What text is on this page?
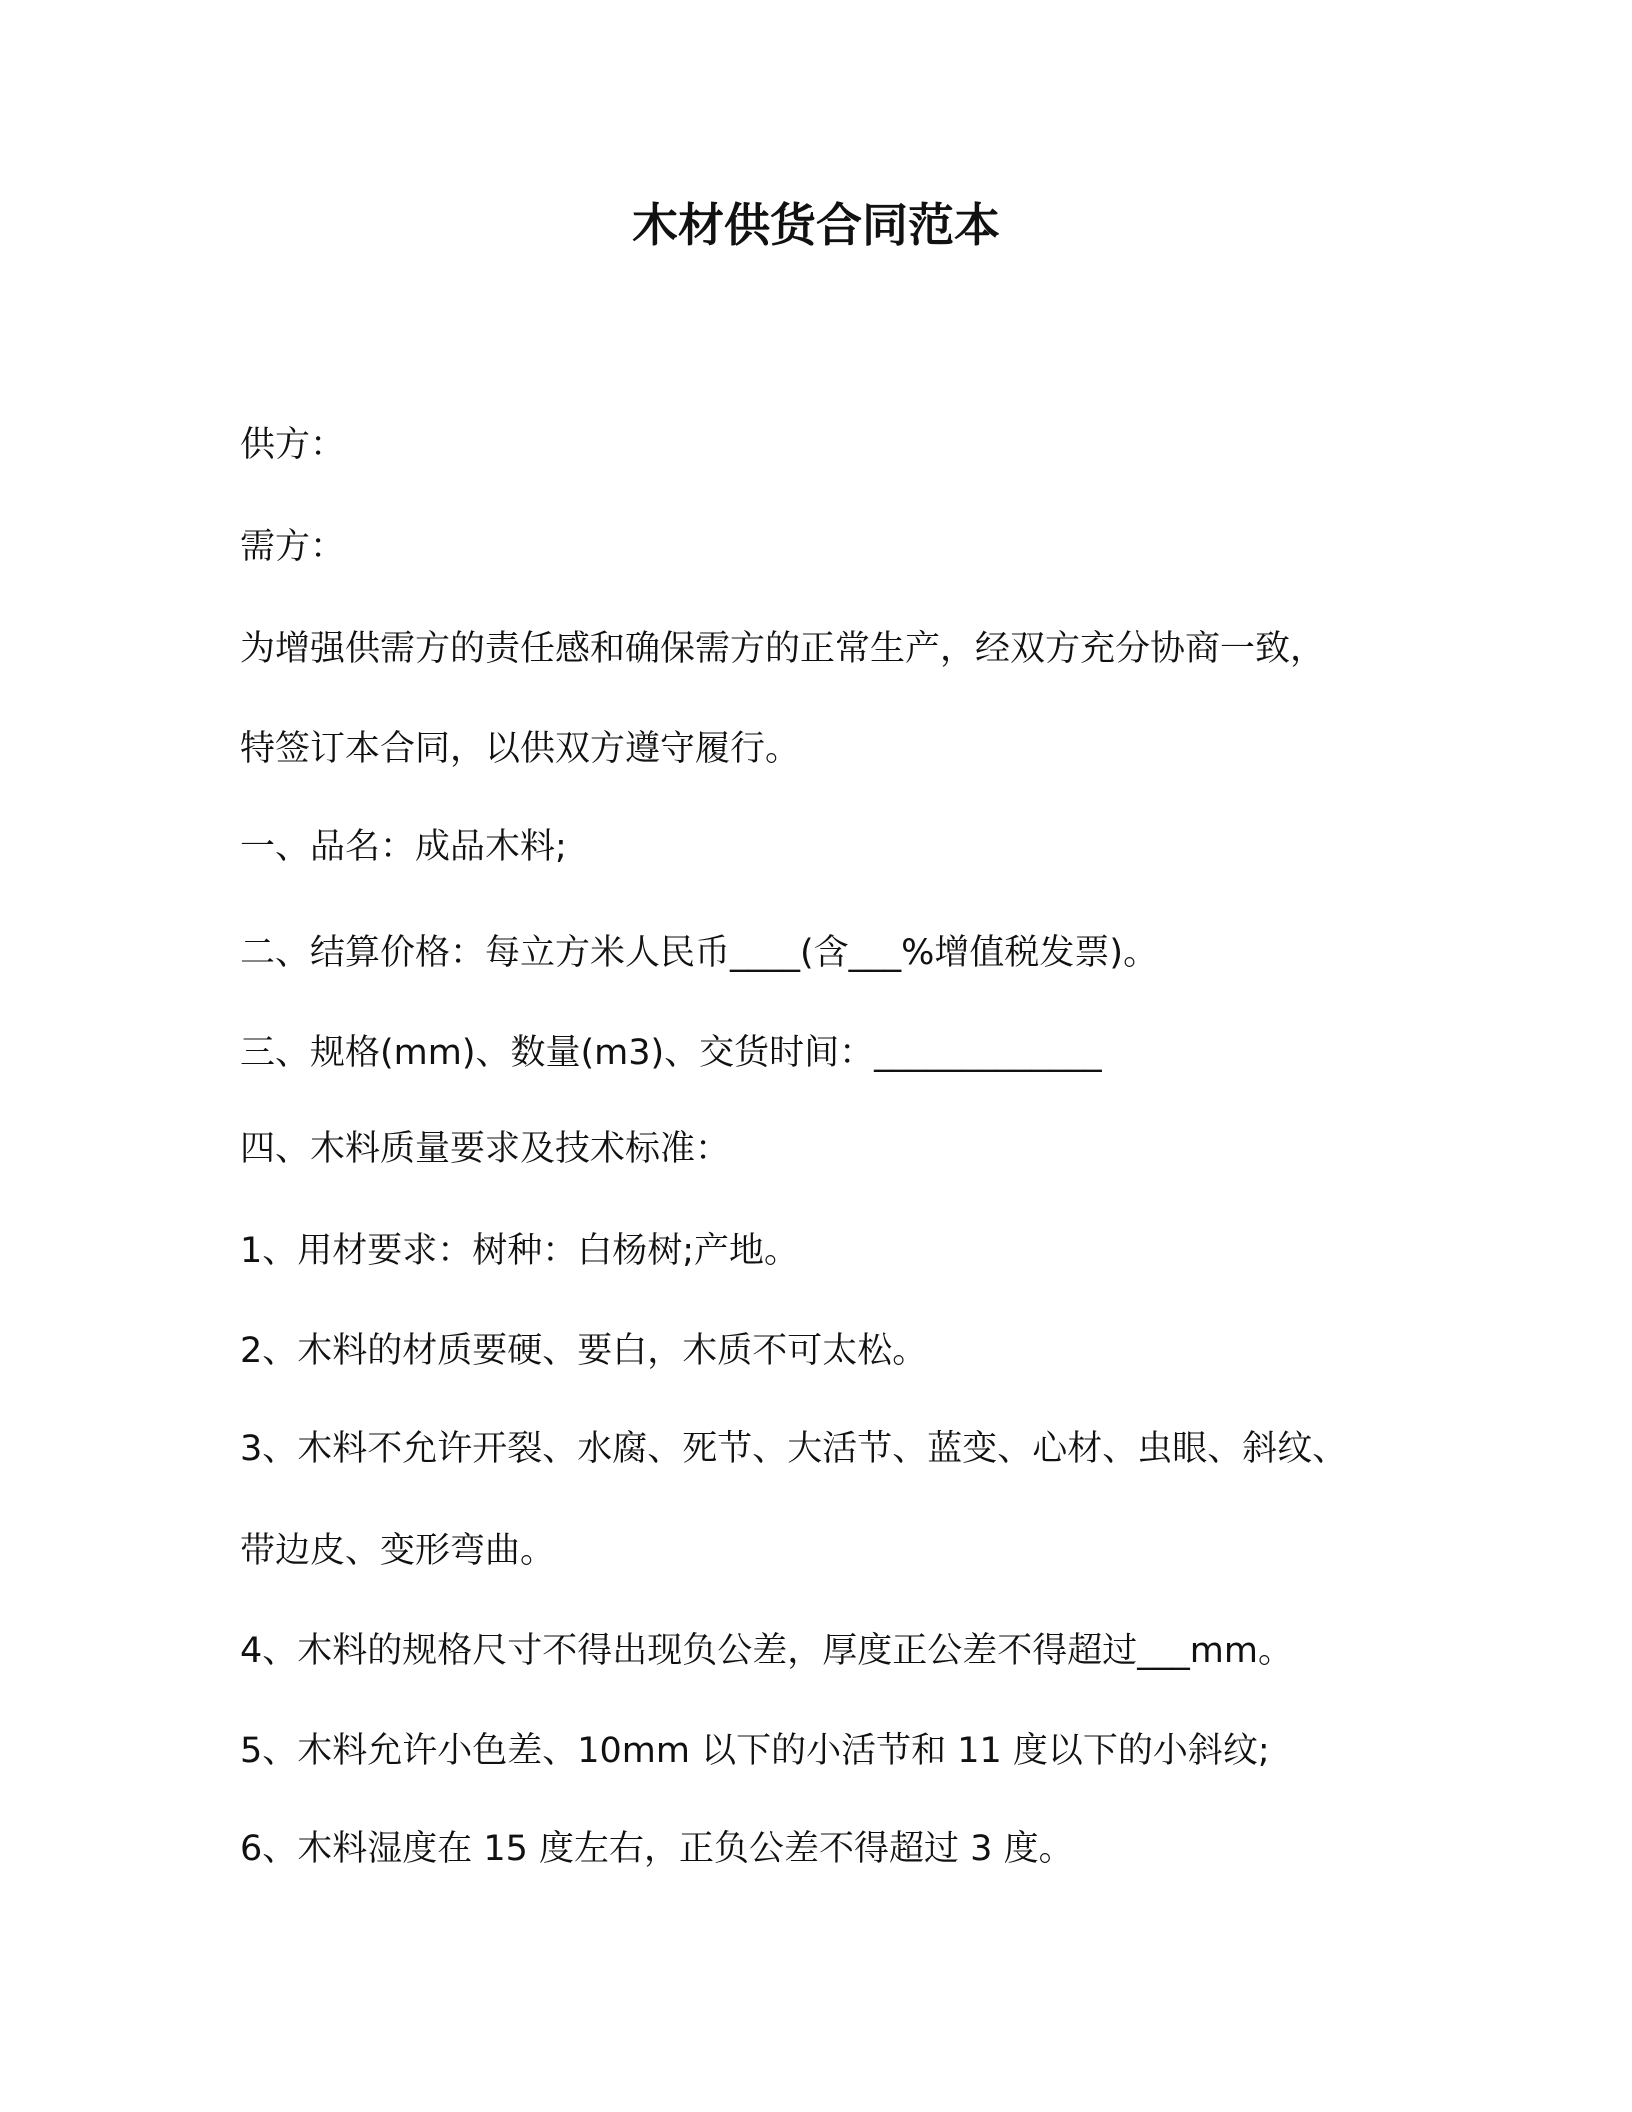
木材供货合同范本

供方：

需方：

为增强供需方的责任感和确保需方的正常生产，经双方充分协商一致，

特签订本合同，以供双方遵守履行。

一、品名：成品木料;

二、结算价格：每立方米人民币____(含___%增值税发票)。

三、规格(mm)、数量(m3)、交货时间：_____________

四、木料质量要求及技术标准：

1、用材要求：树种：白杨树;产地。

2、木料的材质要硬、要白，木质不可太松。

3、木料不允许开裂、水腐、死节、大活节、蓝变、心材、虫眼、斜纹、

带边皮、变形弯曲。

4、木料的规格尺寸不得出现负公差，厚度正公差不得超过___mm。

5、木料允许小色差、10mm 以下的小活节和 11 度以下的小斜纹;

6、木料湿度在 15 度左右，正负公差不得超过 3 度。
